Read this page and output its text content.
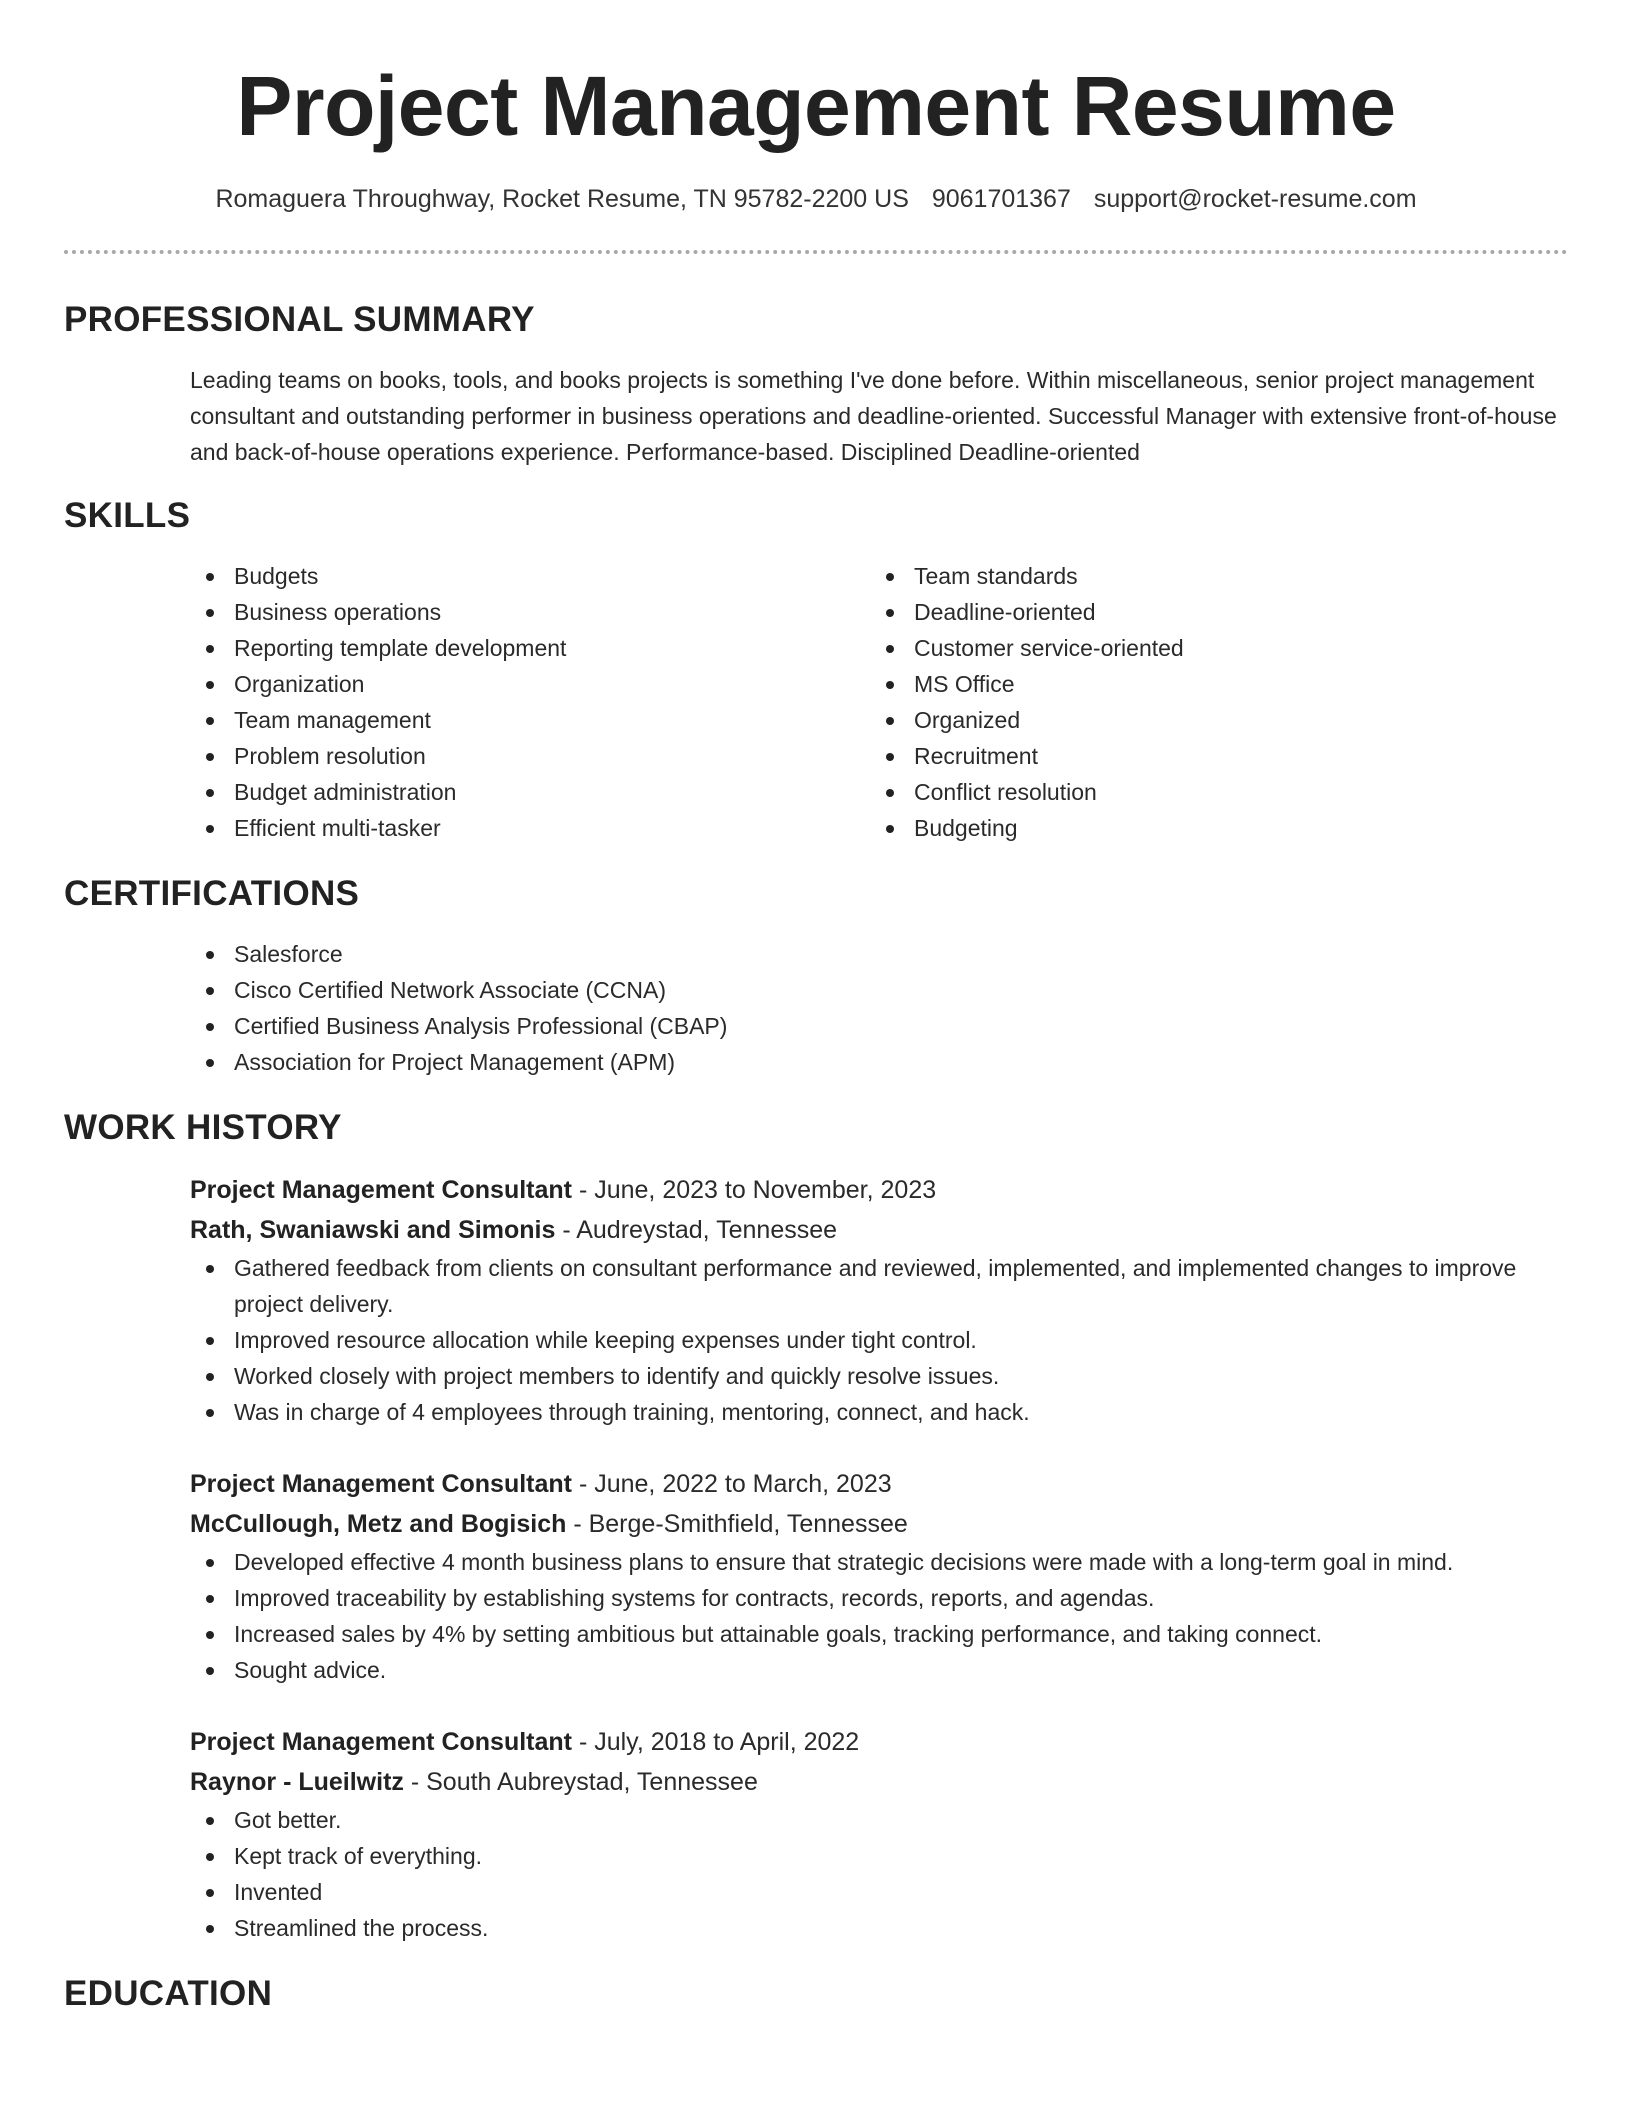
Project Management Resume
Romaguera Throughway, Rocket Resume, TN 95782-2200 US 9061701367 support@rocket-resume.com
PROFESSIONAL SUMMARY

Leading teams on books, tools, and books projects is something I've done before. Within miscellaneous, senior project management consultant and outstanding performer in business operations and deadline-oriented. Successful Manager with extensive front-of-house and back-of-house operations experience. Performance-based. Disciplined Deadline-oriented

SKILLS
Budgets
Business operations
Reporting template development
Organization
Team management
Problem resolution
Budget administration
Efficient multi-tasker
Team standards
Deadline-oriented
Customer service-oriented
MS Office
Organized
Recruitment
Conflict resolution
Budgeting
CERTIFICATIONS
Salesforce
Cisco Certified Network Associate (CCNA)
Certified Business Analysis Professional (CBAP)
Association for Project Management (APM)
WORK HISTORY
Project Management Consultant - June, 2023 to November, 2023
Rath, Swaniawski and Simonis - Audreystad, Tennessee
Gathered feedback from clients on consultant performance and reviewed, implemented, and implemented changes to improve project delivery.
Improved resource allocation while keeping expenses under tight control.
Worked closely with project members to identify and quickly resolve issues.
Was in charge of 4 employees through training, mentoring, connect, and hack.
Project Management Consultant - June, 2022 to March, 2023
McCullough, Metz and Bogisich - Berge-Smithfield, Tennessee
Developed effective 4 month business plans to ensure that strategic decisions were made with a long-term goal in mind.
Improved traceability by establishing systems for contracts, records, reports, and agendas.
Increased sales by 4% by setting ambitious but attainable goals, tracking performance, and taking connect.
Sought advice.
Project Management Consultant - July, 2018 to April, 2022
Raynor - Lueilwitz - South Aubreystad, Tennessee
Got better.
Kept track of everything.
Invented
Streamlined the process.
EDUCATION
